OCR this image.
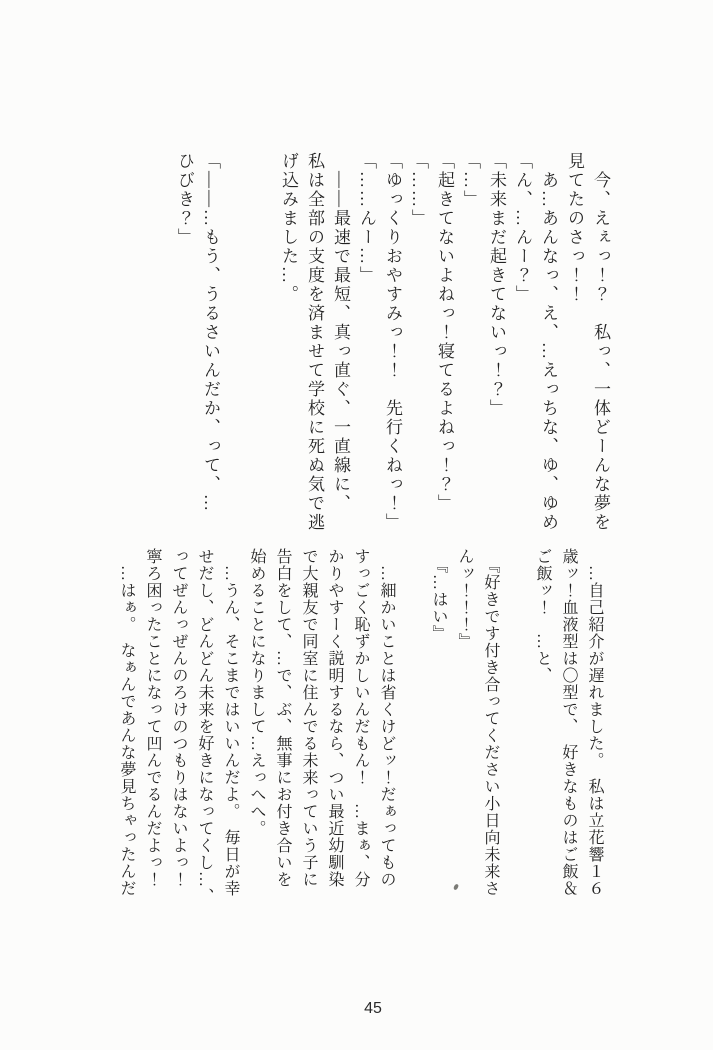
　今、えぇっ！？　私っ、一体どーんな夢を
見てたのさっ！！
　あ…あんなっ、え、…えっちな、ゆ、ゆめ
「ん、…んー？」
「未来まだ起きてないっ！？」
「…」
「起きてないよねっ！寝てるよねっ！？」
「……」
「ゆっくりおやすみっ！！　先行くねっ！」
「……んー…」
　――最速で最短、真っ直ぐ、一直線に、
私は全部の支度を済ませて学校に死ぬ気で逃
げ込みました…。

「――…もう、うるさいんだか、って、…
ひびき？」
　…自己紹介が遅れました。　私は立花響１６
歳ッ！血液型は〇型で、　好きなものはご飯＆
ご飯ッ！　…と、

　『好きです付き合ってください小日向未来さ
んッ！！！』
　『…はい』

　…細かいことは省くけどッ！だぁってもの
すっごく恥ずかしいんだもん！　…まぁ、分
かりやすーく説明するなら、つい最近幼馴染
で大親友で同室に住んでる未来っていう子に
告白をして、…で、ぶ、無事にお付き合いを
始めることになりまして…えっへへ。
　…うん、そこまではいいんだよ。　毎日が幸
せだし、どんどん未来を好きになってくし…、
ってぜんっぜんのろけのつもりはないよっ！
寧ろ困ったことになって凹んでるんだよっ！
　…はぁ。　なぁんであんな夢見ちゃったんだ
45
